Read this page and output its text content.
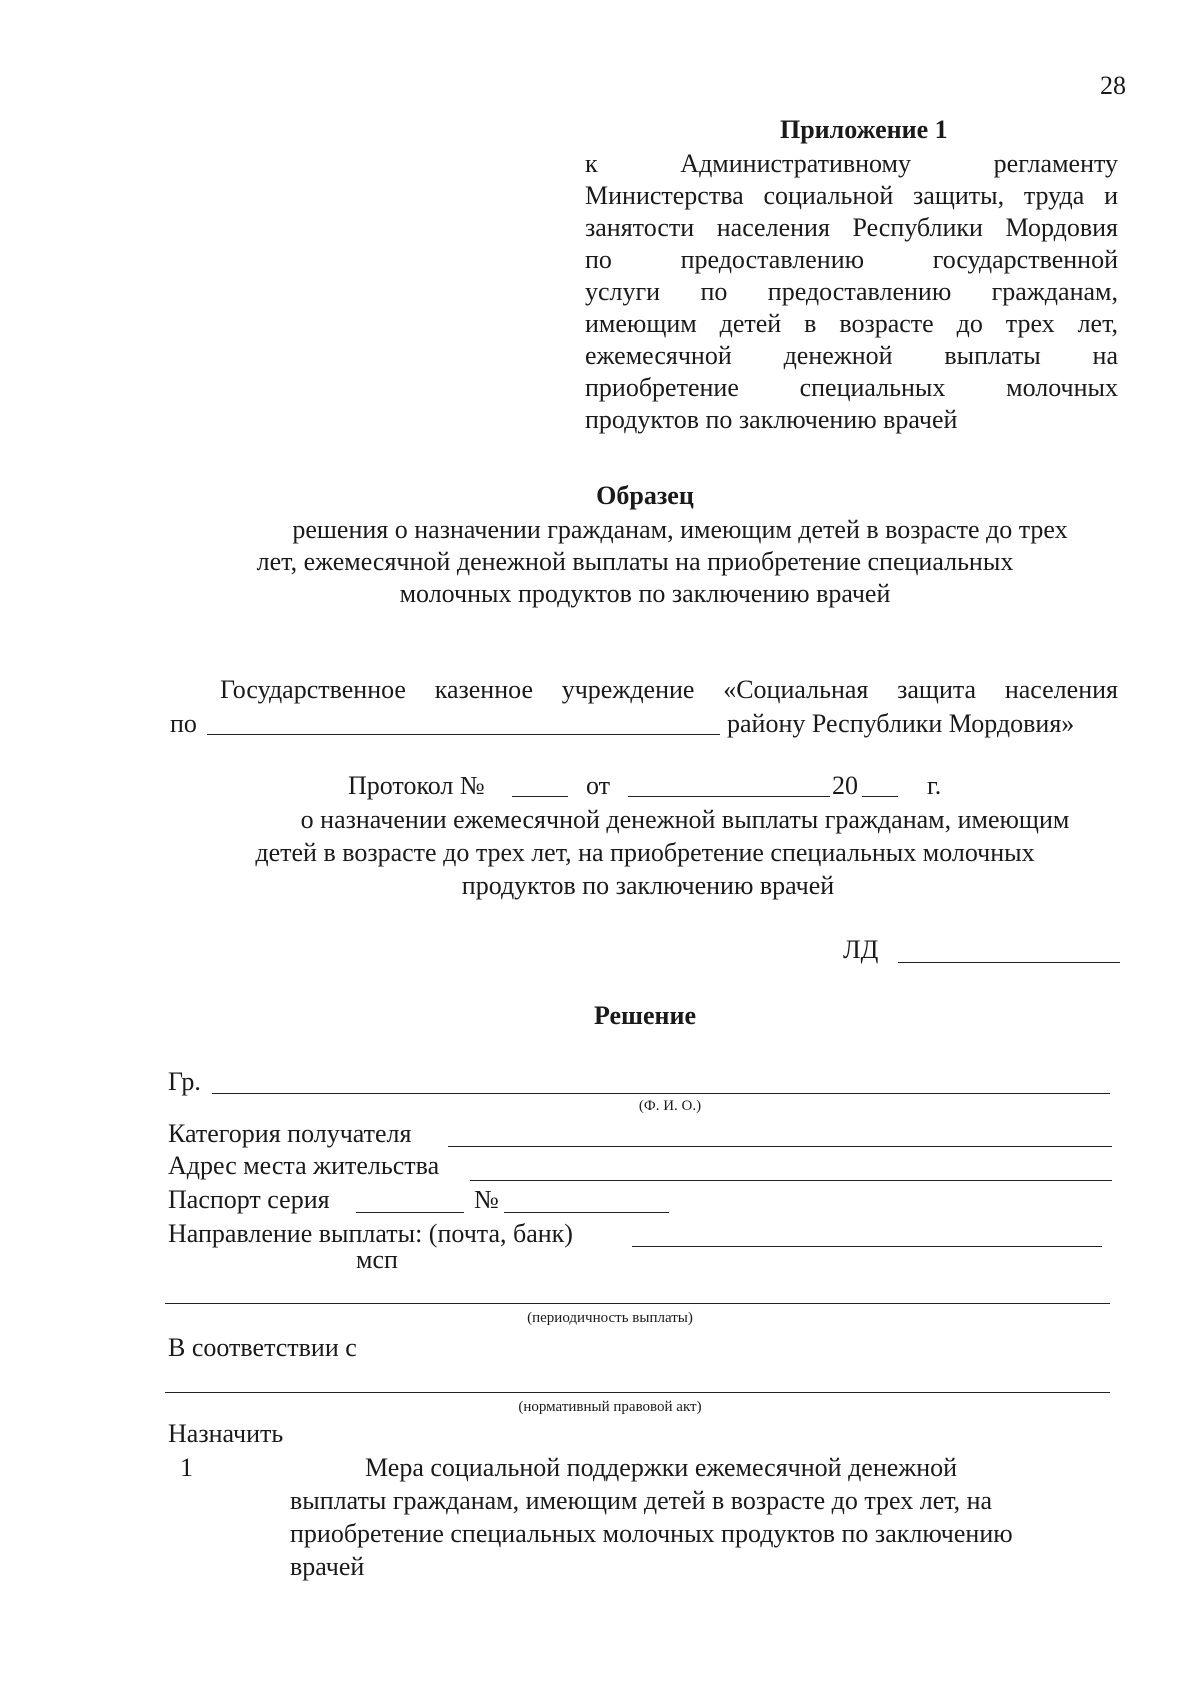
28
Приложение 1
к Административному регламенту
Министерства социальной защиты, труда и
занятости населения Республики Мордовия
по предоставлению государственной
услуги по предоставлению гражданам,
имеющим детей в возрасте до трех лет,
ежемесячной денежной выплаты на
приобретение специальных молочных
продуктов по заключению врачей
Образец
решения о назначении гражданам, имеющим детей в возрасте до трех
лет, ежемесячной денежной выплаты на приобретение специальных
молочных продуктов по заключению врачей
Государственное казенное учреждение «Социальная защита населения
по	району Республики Мордовия»
Протокол №	от	20	г.
о назначении ежемесячной денежной выплаты гражданам, имеющим
детей в возрасте до трех лет, на приобретение специальных молочных
продуктов по заключению врачей
ЛД
Решение
Гр.
(Ф. И. О.)
Категория получателя
Адрес места жительства
Паспорт серия	№
Направление выплаты: (почта, банк)
мсп
(периодичность выплаты)
В соответствии с
(нормативный правовой акт)
Назначить
1	Мера социальной поддержки ежемесячной денежной
выплаты гражданам, имеющим детей в возрасте до трех лет, на
приобретение специальных молочных продуктов по заключению
врачей
